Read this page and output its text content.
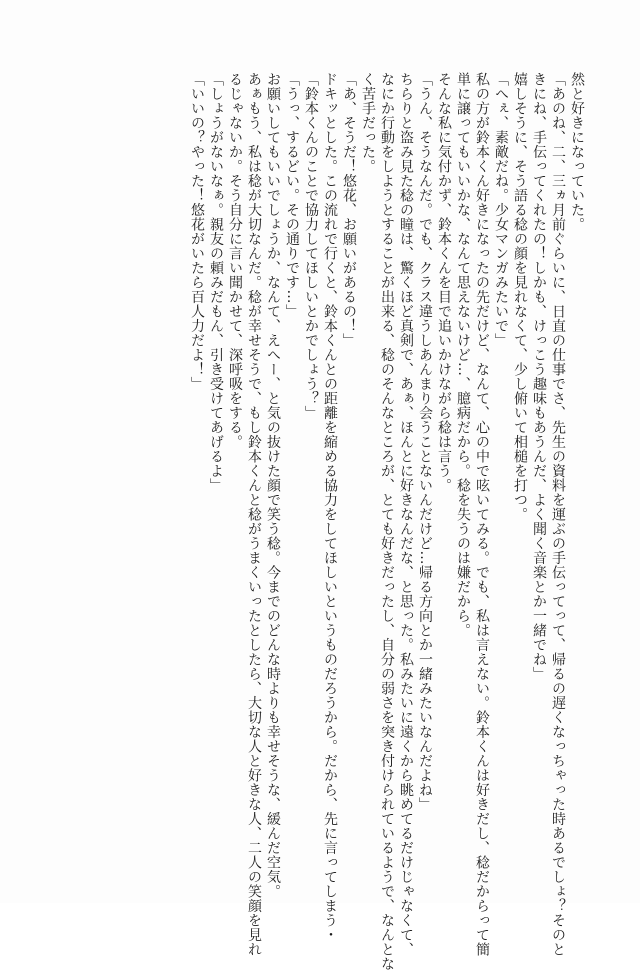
然と好きになっていた。
「あのね、二、三ヵ月前ぐらいに、日直の仕事でさ、先生の資料を運ぶの手伝ってって、帰るの遅くなっちゃった時あるでしょ？そのと
きにね、手伝ってくれたの！しかも、けっこう趣味もあうんだ、よく聞く音楽とか一緒でね」
嬉しそうに、そう語る稔の顔を見れなくて、少し俯いて相槌を打つ。
「へぇ、素敵だね。少女マンガみたいで」
私の方が鈴本くん好きになったの先だけど、なんて、心の中で呟いてみる。でも、私は言えない。鈴本くんは好きだし、稔だからって簡
単に譲ってもいいかな、なんて思えないけど…、臆病だから。稔を失うのは嫌だから。
そんな私に気付かず、鈴本くんを目で追いかけながら稔は言う。
「うん、そうなんだ。でも、クラス違うしあんまり会うことないんだけど…帰る方向とか一緒みたいなんだよね」
ちらりと盗み見た稔の瞳は、驚くほど真剣で、あぁ、ほんとに好きなんだな、と思った。私みたいに遠くから眺めてるだけじゃなくて、
なにか行動をしようとすることが出来る、稔のそんなところが、とても好きだったし、自分の弱さを突き付けられているようで、なんとな
く苦手だった。
「あ、そうだ！悠花、お願いがあるの！」
ドキッとした。この流れで行くと、鈴本くんとの距離を縮める協力をしてほしいというものだろうから。だから、先に言ってしまう・
「鈴本くんのことで協力してほしいとかでしょう？」
「うっ、するどい。その通りです…」
お願いしてもいいでしょうか、なんて、えへー、と気の抜けた顔で笑う稔。今までのどんな時よりも幸せそうな、緩んだ空気。
あぁもう、私は稔が大切なんだ。稔が幸せそうで、もし鈴本くんと稔がうまくいったとしたら、大切な人と好きな人、二人の笑顔を見れ
るじゃないか。そう自分に言い聞かせて、深呼吸をする。
「しょうがないなぁ。親友の頼みだもん、引き受けてあげるよ」
「いいの？やった！悠花がいたら百人力だよ！」
